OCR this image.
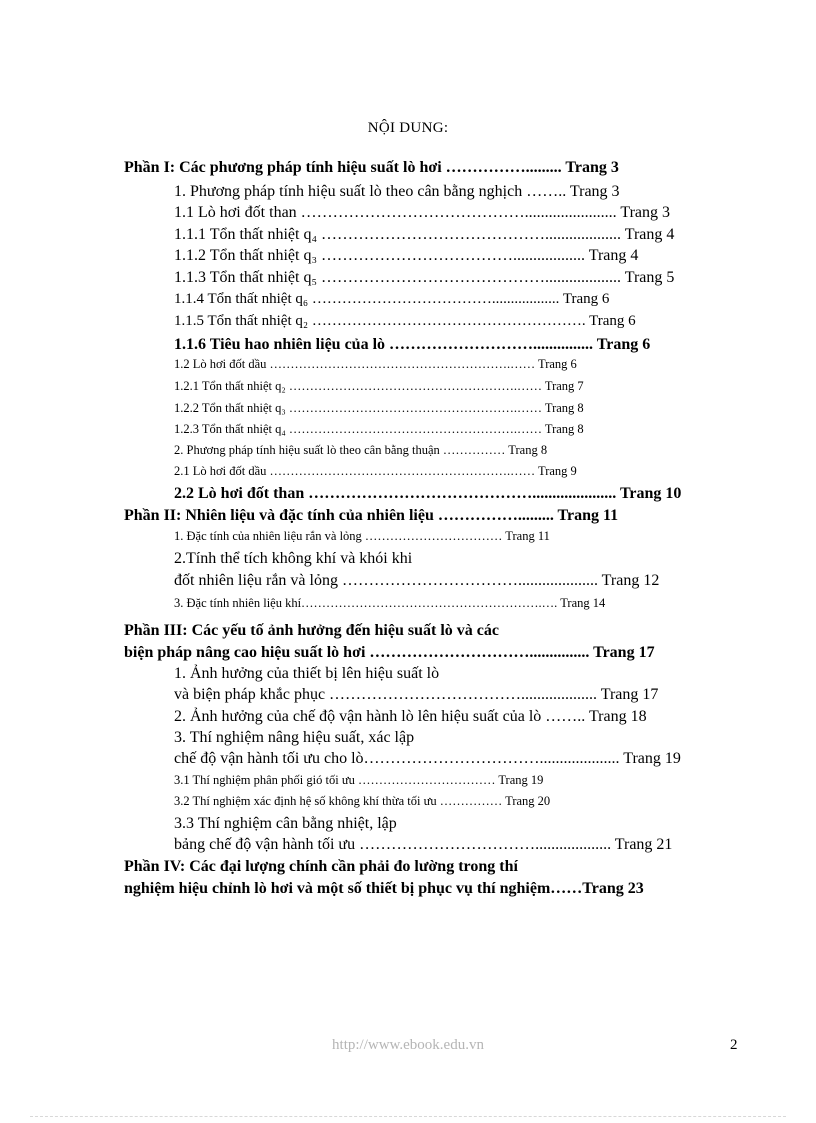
NỘI DUNG:
Phần I: Các phương pháp tính hiệu suất lò hơi ……………......... Trang 3
1. Phương pháp tính hiệu suất lò theo cân bằng nghịch …….. Trang 3
1.1 Lò hơi đốt than ……………………………………....................... Trang 3
1.1.1 Tổn thất nhiệt q₄ ……………………………………................... Trang 4
1.1.2 Tổn thất nhiệt q₃ ……………………………….................. Trang 4
1.1.3 Tổn thất nhiệt q₅ ……………………………………................... Trang 5
1.1.4 Tổn thất nhiệt q₆ ……………………………….................. Trang 6
1.1.5 Tổn thất nhiệt q₂ ………………………………………………. Trang 6
1.1.6 Tiêu hao nhiên liệu của lò ………………………............... Trang 6
1.2 Lò hơi đốt dầu ………………………………………………….…… Trang 6
1.2.1 Tổn thất nhiệt q₂ ……………………………………………….…… Trang 7
1.2.2 Tổn thất nhiệt q₃ ……………………………………………….…… Trang 8
1.2.3 Tổn thất nhiệt q₄ ……………………………………………….…… Trang 8
2. Phương pháp tính hiệu suất lò theo cân bằng thuận …………… Trang 8
2.1 Lò hơi đốt dầu ………………………………………………….…… Trang 9
2.2 Lò hơi đốt than ……………………………………..................... Trang 10
Phần II: Nhiên liệu và đặc tính của nhiên liệu ……………......... Trang 11
1. Đặc tính của nhiên liệu rắn và lỏng …………………………… Trang 11
2.Tính thể tích không khí và khói khi
đốt nhiên liệu rắn và lỏng …………………………….................... Trang 12
3. Đặc tính nhiên liệu khí………………………………………………….…. Trang 14
Phần III: Các yếu tố ảnh hưởng đến hiệu suất lò và các
biện pháp nâng cao hiệu suất lò hơi …………………………............... Trang 17
1. Ảnh hưởng của thiết bị lên hiệu suất lò
và biện pháp khắc phục ………………………………................... Trang 17
2. Ảnh hưởng của chế độ vận hành lò lên hiệu suất của lò …….. Trang 18
3. Thí nghiệm nâng hiệu suất, xác lập
chế độ vận hành tối ưu cho lò…………………………….................... Trang 19
3.1 Thí nghiệm phân phối gió tối ưu …………………………… Trang 19
3.2 Thí nghiệm xác định hệ số không khí thừa tối ưu …………… Trang 20
3.3 Thí nghiệm cân bằng nhiệt, lập
bảng chế độ vận hành tối ưu ……………………………................... Trang 21
Phần IV: Các đại lượng chính cần phải đo lường trong thí
nghiệm hiệu chỉnh lò hơi và một số thiết bị phục vụ thí nghiệm……Trang 23
http://www.ebook.edu.vn	2
